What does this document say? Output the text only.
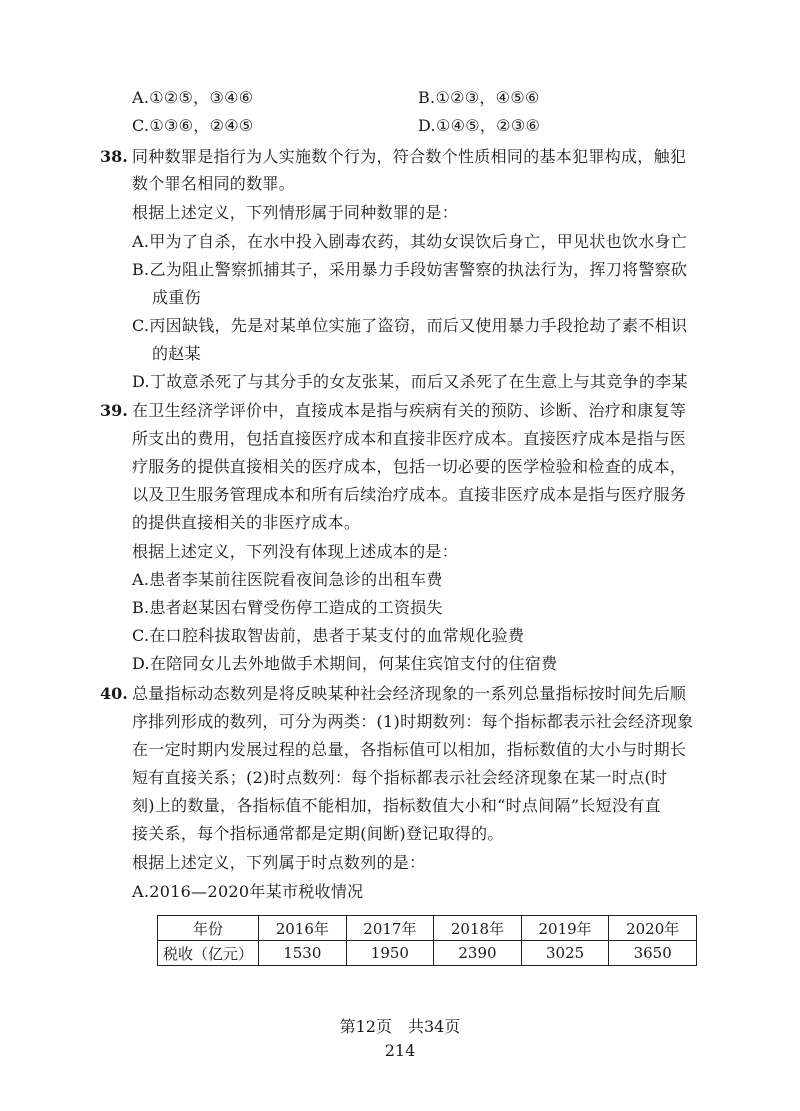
A.①②⑤，③④⑥	B.①②③，④⑤⑥
C.①③⑥，②④⑤	D.①④⑤，②③⑥
38. 同种数罪是指行为人实施数个行为，符合数个性质相同的基本犯罪构成，触犯
数个罪名相同的数罪。
根据上述定义，下列情形属于同种数罪的是：
A.甲为了自杀，在水中投入剧毒农药，其幼女误饮后身亡，甲见状也饮水身亡
B.乙为阻止警察抓捕其子，采用暴力手段妨害警察的执法行为，挥刀将警察砍
成重伤
C.丙因缺钱，先是对某单位实施了盗窃，而后又使用暴力手段抢劫了素不相识
的赵某
D.丁故意杀死了与其分手的女友张某，而后又杀死了在生意上与其竞争的李某
39. 在卫生经济学评价中，直接成本是指与疾病有关的预防、诊断、治疗和康复等
所支出的费用，包括直接医疗成本和直接非医疗成本。直接医疗成本是指与医
疗服务的提供直接相关的医疗成本，包括一切必要的医学检验和检查的成本，
以及卫生服务管理成本和所有后续治疗成本。直接非医疗成本是指与医疗服务
的提供直接相关的非医疗成本。
根据上述定义，下列没有体现上述成本的是：
A.患者李某前往医院看夜间急诊的出租车费
B.患者赵某因右臂受伤停工造成的工资损失
C.在口腔科拔取智齿前，患者于某支付的血常规化验费
D.在陪同女儿去外地做手术期间，何某住宾馆支付的住宿费
40. 总量指标动态数列是将反映某种社会经济现象的一系列总量指标按时间先后顺
序排列形成的数列，可分为两类：(1)时期数列：每个指标都表示社会经济现象
在一定时期内发展过程的总量，各指标值可以相加，指标数值的大小与时期长
短有直接关系；(2)时点数列：每个指标都表示社会经济现象在某一时点(时
刻)上的数量，各指标值不能相加，指标数值大小和“时点间隔”长短没有直
接关系，每个指标通常都是定期(间断)登记取得的。
根据上述定义，下列属于时点数列的是：
A.2016—2020年某市税收情况
年份	2016年	2017年	2018年	2019年	2020年
税收（亿元）	1530	1950	2390	3025	3650
第12页　共34页
214
